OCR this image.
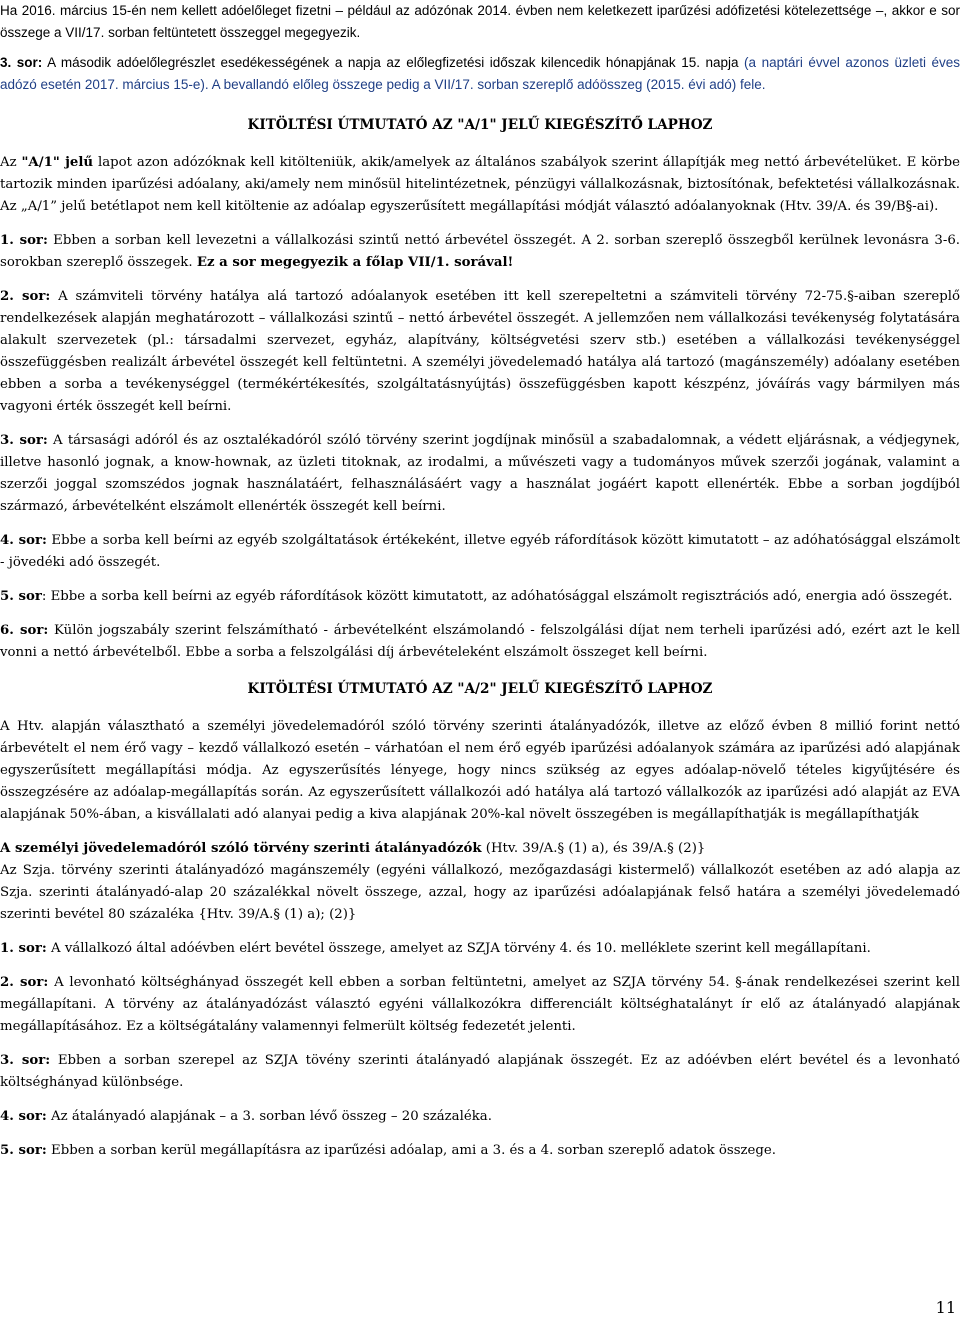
Ha 2016. március 15-én nem kellett adóelőleget fizetni – például az adózónak 2014. évben nem keletkezett iparűzési adófizetési kötelezettsége –, akkor e sor összege a VII/17. sorban feltüntetett összeggel megegyezik.

3. sor: A második adóelőlegrészlet esedékességének a napja az előlegfizetési időszak kilencedik hónapjának 15. napja (a naptári évvel azonos üzleti éves adózó esetén 2017. március 15-e). A bevallandó előleg összege pedig a VII/17. sorban szereplő adóösszeg (2015. évi adó) fele.

KITÖLTÉSI ÚTMUTATÓ AZ "A/1" JELŰ KIEGÉSZÍTŐ LAPHOZ

Az "A/1" jelű lapot azon adózóknak kell kitölteniük, akik/amelyek az általános szabályok szerint állapítják meg nettó árbevételüket. E körbe tartozik minden iparűzési adóalany, aki/amely nem minősül hitelintézetnek, pénzügyi vállalkozásnak, biztosítónak, befektetési vállalkozásnak. Az „A/1” jelű betétlapot nem kell kitöltenie az adóalap egyszerűsített megállapítási módját választó adóalanyoknak (Htv. 39/A. és 39/B§-ai).

1. sor: Ebben a sorban kell levezetni a vállalkozási szintű nettó árbevétel összegét. A 2. sorban szereplő összegből kerülnek levonásra 3-6. sorokban szereplő összegek. Ez a sor megegyezik a főlap VII/1. sorával!

2. sor: A számviteli törvény hatálya alá tartozó adóalanyok esetében itt kell szerepeltetni a számviteli törvény 72-75.§-aiban szereplő rendelkezések alapján meghatározott – vállalkozási szintű – nettó árbevétel összegét. A jellemzően nem vállalkozási tevékenység folytatására alakult szervezetek (pl.: társadalmi szervezet, egyház, alapítvány, költségvetési szerv stb.) esetében a vállalkozási tevékenységgel összefüggésben realizált árbevétel összegét kell feltüntetni. A személyi jövedelemadó hatálya alá tartozó (magánszemély) adóalany esetében ebben a sorba a tevékenységgel (termékértékesítés, szolgáltatásnyújtás) összefüggésben kapott készpénz, jóváírás vagy bármilyen más vagyoni érték összegét kell beírni.

3. sor: A társasági adóról és az osztalékadóról szóló törvény szerint jogdíjnak minősül a szabadalomnak, a védett eljárásnak, a védjegynek, illetve hasonló jognak, a know-hownak, az üzleti titoknak, az irodalmi, a művészeti vagy a tudományos művek szerzői jogának, valamint a szerzői joggal szomszédos jognak használatáért, felhasználásáért vagy a használat jogáért kapott ellenérték. Ebbe a sorban jogdíjból származó, árbevételként elszámolt ellenérték összegét kell beírni.

4. sor: Ebbe a sorba kell beírni az egyéb szolgáltatások értékeként, illetve egyéb ráfordítások között kimutatott – az adóhatósággal elszámolt - jövedéki adó összegét.

5. sor: Ebbe a sorba kell beírni az egyéb ráfordítások között kimutatott, az adóhatósággal elszámolt regisztrációs adó, energia adó összegét.

6. sor: Külön jogszabály szerint felszámítható - árbevételként elszámolandó - felszolgálási díjat nem terheli iparűzési adó, ezért azt le kell vonni a nettó árbevételből. Ebbe a sorba a felszolgálási díj árbevételeként elszámolt összeget kell beírni.

KITÖLTÉSI ÚTMUTATÓ AZ "A/2" JELŰ KIEGÉSZÍTŐ LAPHOZ

A Htv. alapján választható a személyi jövedelemadóról szóló törvény szerinti átalányadózók, illetve az előző évben 8 millió forint nettó árbevételt el nem érő vagy – kezdő vállalkozó esetén – várhatóan el nem érő egyéb iparűzési adóalanyok számára az iparűzési adó alapjának egyszerűsített megállapítási módja. Az egyszerűsítés lényege, hogy nincs szükség az egyes adóalap-növelő tételes kigyűjtésére és összegzésére az adóalap-megállapítás során. Az egyszerűsített vállalkozói adó hatálya alá tartozó vállalkozók az iparűzési adó alapját az EVA alapjának 50%-ában, a kisvállalati adó alanyai pedig a kiva alapjának 20%-kal növelt összegében is megállapíthatják is megállapíthatják

A személyi jövedelemadóról szóló törvény szerinti átalányadózók (Htv. 39/A.§ (1) a), és 39/A.§ (2)}

Az Szja. törvény szerinti átalányadózó magánszemély (egyéni vállalkozó, mezőgazdasági kistermelő) vállalkozót esetében az adó alapja az Szja. szerinti átalányadó-alap 20 százalékkal növelt összege, azzal, hogy az iparűzési adóalapjának felső határa a személyi jövedelemadó szerinti bevétel 80 százaléka {Htv. 39/A.§ (1) a); (2)}

1. sor: A vállalkozó által adóévben elért bevétel összege, amelyet az SZJA törvény 4. és 10. melléklete szerint kell megállapítani.

2. sor: A levonható költséghányad összegét kell ebben a sorban feltüntetni, amelyet az SZJA törvény 54. §-ának rendelkezései szerint kell megállapítani. A törvény az átalányadózást választó egyéni vállalkozókra differenciált költséghatalányt ír elő az átalányadó alapjának megállapításához. Ez a költségátalány valamennyi felmerült költség fedezetét jelenti.

3. sor: Ebben a sorban szerepel az SZJA tövény szerinti átalányadó alapjának összegét. Ez az adóévben elért bevétel és a levonható költséghányad különbsége.

4. sor: Az átalányadó alapjának – a 3. sorban lévő összeg – 20 százaléka.

5. sor: Ebben a sorban kerül megállapításra az iparűzési adóalap, ami a 3. és a 4. sorban szereplő adatok összege.

11
